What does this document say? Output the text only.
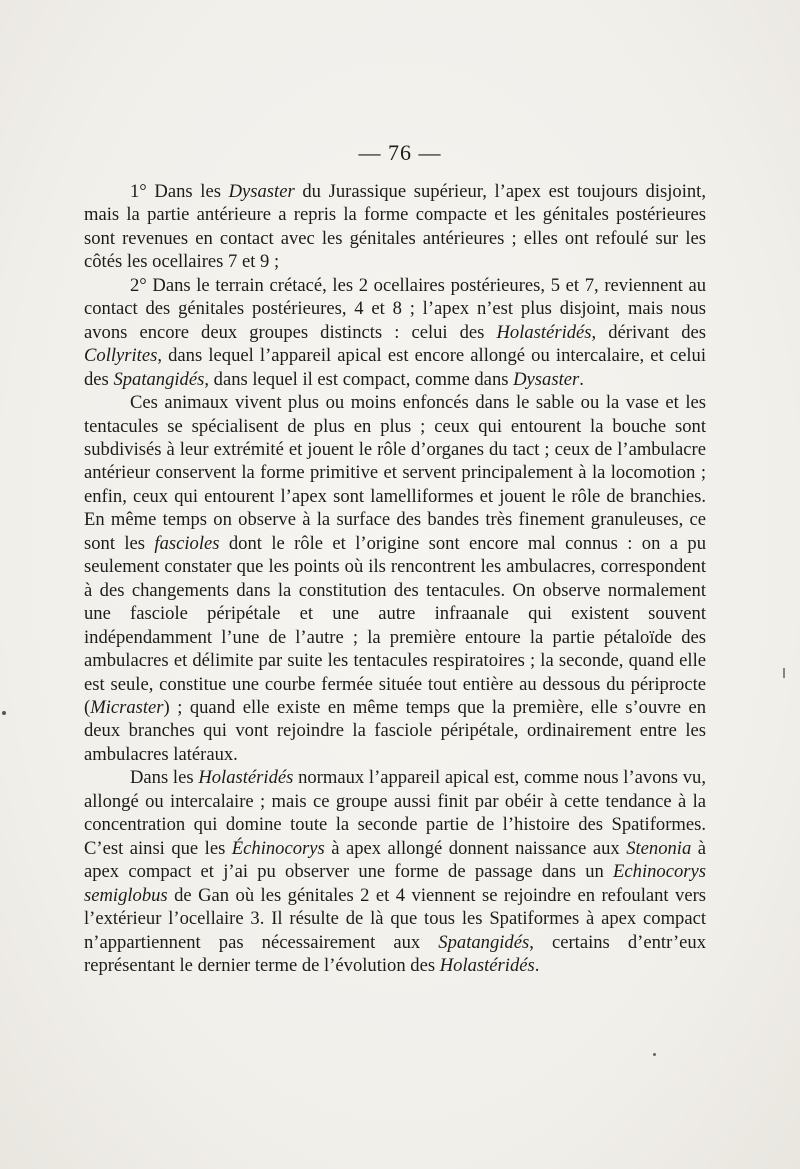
— 76 —

1° Dans les Dysaster du Jurassique supérieur, l’apex est toujours disjoint, mais la partie antérieure a repris la forme compacte et les génitales postérieures sont revenues en contact avec les génitales antérieures ; elles ont refoulé sur les côtés les ocellaires 7 et 9 ;

2° Dans le terrain crétacé, les 2 ocellaires postérieures, 5 et 7, reviennent au contact des génitales postérieures, 4 et 8 ; l’apex n’est plus disjoint, mais nous avons encore deux groupes distincts : celui des Holastéridés, dérivant des Collyrites, dans lequel l’appareil apical est encore allongé ou intercalaire, et celui des Spatangidés, dans lequel il est compact, comme dans Dysaster.

Ces animaux vivent plus ou moins enfoncés dans le sable ou la vase et les tentacules se spécialisent de plus en plus ; ceux qui entourent la bouche sont subdivisés à leur extrémité et jouent le rôle d’organes du tact ; ceux de l’ambulacre antérieur conservent la forme primitive et servent principalement à la locomotion ; enfin, ceux qui entourent l’apex sont lamelliformes et jouent le rôle de branchies. En même temps on observe à la surface des bandes très finement granuleuses, ce sont les fascioles dont le rôle et l’origine sont encore mal connus : on a pu seulement constater que les points où ils rencontrent les ambulacres, correspondent à des changements dans la constitution des tentacules. On observe normalement une fasciole péripétale et une autre infraanale qui existent souvent indépendamment l’une de l’autre ; la première entoure la partie pétaloïde des ambulacres et délimite par suite les tentacules respiratoires ; la seconde, quand elle est seule, constitue une courbe fermée située tout entière au dessous du périprocte (Micraster) ; quand elle existe en même temps que la première, elle s’ouvre en deux branches qui vont rejoindre la fasciole péripétale, ordinairement entre les ambulacres latéraux.

Dans les Holastéridés normaux l’appareil apical est, comme nous l’avons vu, allongé ou intercalaire ; mais ce groupe aussi finit par obéir à cette tendance à la concentration qui domine toute la seconde partie de l’histoire des Spatiformes. C’est ainsi que les Échinocorys à apex allongé donnent naissance aux Stenonia à apex compact et j’ai pu observer une forme de passage dans un Echinocorys semiglobus de Gan où les génitales 2 et 4 viennent se rejoindre en refoulant vers l’extérieur l’ocellaire 3. Il résulte de là que tous les Spatiformes à apex compact n’appartiennent pas nécessairement aux Spatangidés, certains d’entr’eux représentant le dernier terme de l’évolution des Holastéridés.
